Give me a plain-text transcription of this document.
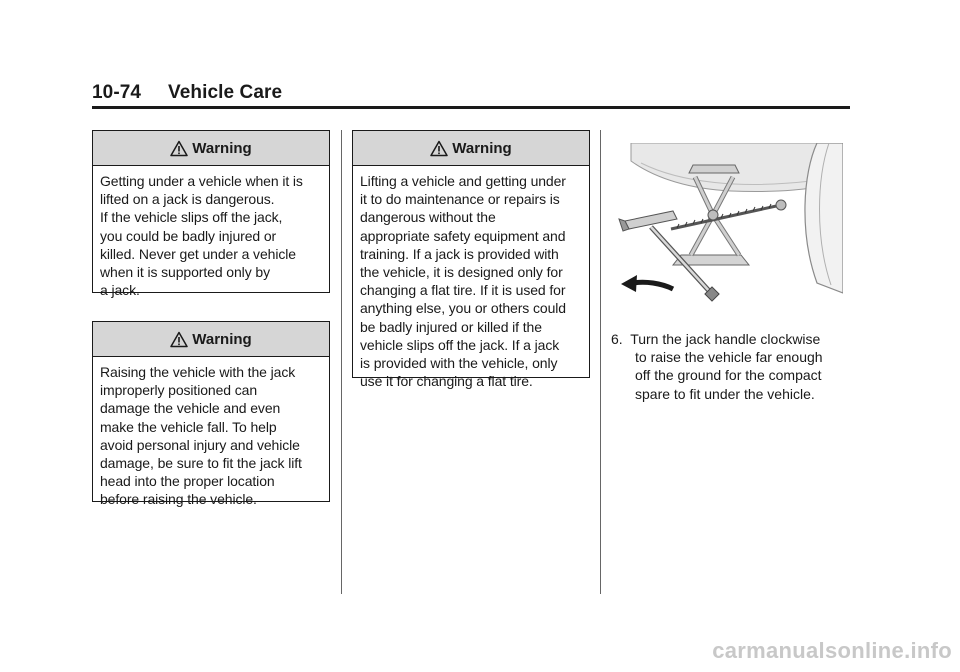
10-74     Vehicle Care
Warning
Getting under a vehicle when it is
lifted on a jack is dangerous.
If the vehicle slips off the jack,
you could be badly injured or
killed. Never get under a vehicle
when it is supported only by
a jack.
Warning
Raising the vehicle with the jack
improperly positioned can
damage the vehicle and even
make the vehicle fall. To help
avoid personal injury and vehicle
damage, be sure to fit the jack lift
head into the proper location
before raising the vehicle.
Warning
Lifting a vehicle and getting under
it to do maintenance or repairs is
dangerous without the
appropriate safety equipment and
training. If a jack is provided with
the vehicle, it is designed only for
changing a flat tire. If it is used for
anything else, you or others could
be badly injured or killed if the
vehicle slips off the jack. If a jack
is provided with the vehicle, only
use it for changing a flat tire.
6.  Turn the jack handle clockwise
to raise the vehicle far enough
off the ground for the compact
spare to fit under the vehicle.
carmanualsonline.info
